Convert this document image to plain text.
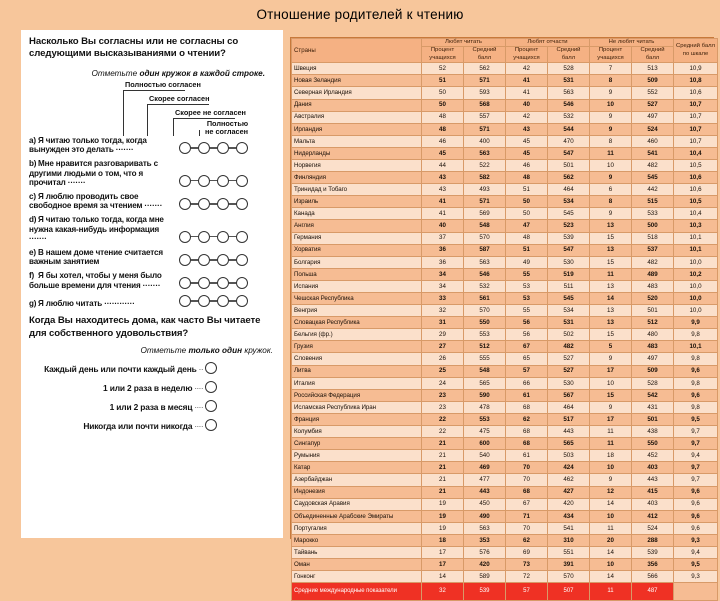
Отношение родителей к чтению
Насколько Вы согласны или не согласны со следующими высказываниями о чтении?
Отметьте один кружок в каждой строке.
Полностью согласен
Скорее согласен
Скорее не согласен
Полностью
не согласен
a) Я читаю только тогда, когда вынужден это делать ·······
b) Мне нравится разговаривать с другими людьми о том, что я прочитал ·······
c) Я люблю проводить свое свободное время за чтением ·······
d) Я читаю только тогда, когда мне нужна какая-нибудь информация ·······
e) В нашем доме чтение считается важным занятием
f) Я бы хотел, чтобы у меня было больше времени для чтения ·······
g) Я люблю читать ············
Когда Вы находитесь дома, как часто Вы читаете для собственного удовольствия?
Отметьте только один кружок.
Каждый день или почти каждый день ··
1 или 2 раза в неделю ····
1 или 2 раза в месяц ····
Никогда или почти никогда ····
Страны	Любят читать		Любят отчасти		Не любят читать		Средний балл по шкале
	Процент учащихся	Средний балл	Процент учащихся	Средний балл	Процент учащихся	Средний балл	
Швеция	52	562	42	528	7	513	10,9
Новая Зеландия	51	571	41	531	8	509	10,8
Северная Ирландия	50	593	41	563	9	552	10,6
Дания	50	568	40	546	10	527	10,7
Австралия	48	557	42	532	9	497	10,7
Ирландия	48	571	43	544	9	524	10,7
Мальта	46	400	45	470	8	460	10,7
Нидерланды	45	563	45	547	11	541	10,4
Норвегия	44	522	46	501	10	482	10,5
Финляндия	43	582	48	562	9	545	10,6
Тринидад и Тобаго	43	493	51	464	6	442	10,6
Израиль	41	571	50	534	8	515	10,5
Канада	41	569	50	545	9	533	10,4
Англия	40	548	47	523	13	500	10,3
Германия	37	570	48	539	15	518	10,1
Хорватия	36	587	51	547	13	537	10,1
Болгария	36	563	49	530	15	482	10,0
Польша	34	546	55	519	11	489	10,2
Испания	34	532	53	511	13	483	10,0
Чешская Республика	33	561	53	545	14	520	10,0
Венгрия	32	570	55	534	13	501	10,0
Словацкая Республика	31	550	56	531	13	512	9,9
Бельгия (фр.)	29	553	56	502	15	480	9,8
Грузия	27	512	67	482	5	483	10,1
Словения	26	555	65	527	9	497	9,8
Литва	25	548	57	527	17	509	9,6
Италия	24	565	66	530	10	528	9,8
Российская Федерация	23	590	61	567	15	542	9,6
Исламская Республика Иран	23	478	68	464	9	431	9,8
Франция	22	553	62	517	17	501	9,5
Колумбия	22	475	68	443	11	438	9,7
Сингапур	21	600	68	565	11	550	9,7
Румыния	21	540	61	503	18	452	9,4
Катар	21	469	70	424	10	403	9,7
Азербайджан	21	477	70	462	9	443	9,7
Индонезия	21	443	68	427	12	415	9,6
Саудовская Аравия	19	450	67	420	14	403	9,6
Объединенные Арабские Эмираты	19	490	71	434	10	412	9,6
Португалия	19	563	70	541	11	524	9,6
Марокко	18	353	62	310	20	288	9,3
Тайвань	17	576	69	551	14	539	9,4
Оман	17	420	73	391	10	356	9,5
Гонконг	14	589	72	570	14	566	9,3
Средние международные показатели	32	539	57	507	11	487	
